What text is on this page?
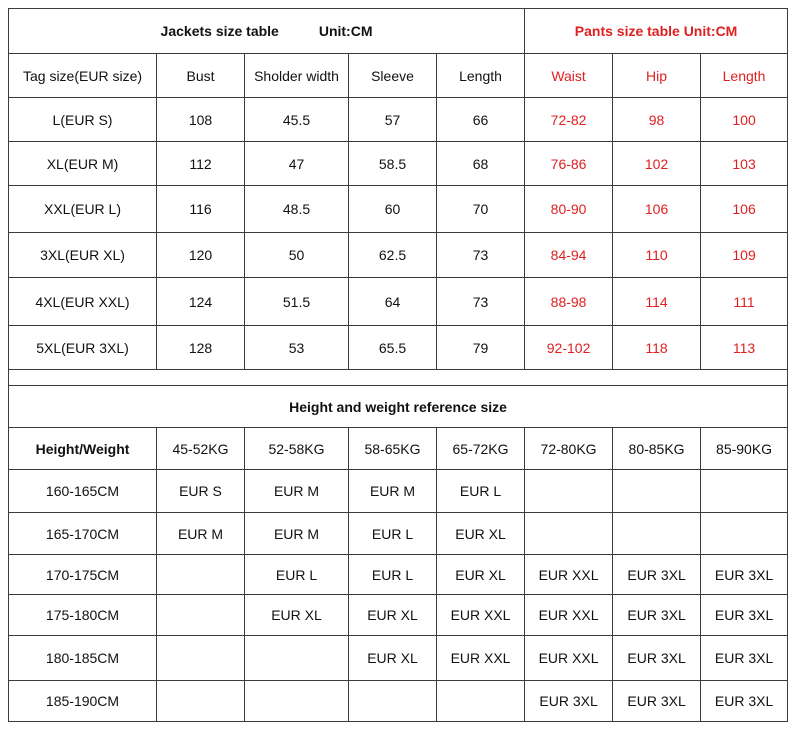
Jackets size table Unit:CM					Pants size table Unit:CM		
Tag size(EUR size)	Bust	Sholder width	Sleeve	Length	Waist	Hip	Length
L(EUR S)	108	45.5	57	66	72-82	98	100
XL(EUR M)	112	47	58.5	68	76-86	102	103
XXL(EUR L)	116	48.5	60	70	80-90	106	106
3XL(EUR XL)	120	50	62.5	73	84-94	110	109
4XL(EUR XXL)	124	51.5	64	73	88-98	114	111
5XL(EUR 3XL)	128	53	65.5	79	92-102	118	113

Height and weight reference size							
Height/Weight	45-52KG	52-58KG	58-65KG	65-72KG	72-80KG	80-85KG	85-90KG
160-165CM	EUR S	EUR M	EUR M	EUR L			
165-170CM	EUR M	EUR M	EUR L	EUR XL			
170-175CM		EUR L	EUR L	EUR XL	EUR XXL	EUR 3XL	EUR 3XL
175-180CM		EUR XL	EUR XL	EUR XXL	EUR XXL	EUR 3XL	EUR 3XL
180-185CM			EUR XL	EUR XXL	EUR XXL	EUR 3XL	EUR 3XL
185-190CM					EUR 3XL	EUR 3XL	EUR 3XL
